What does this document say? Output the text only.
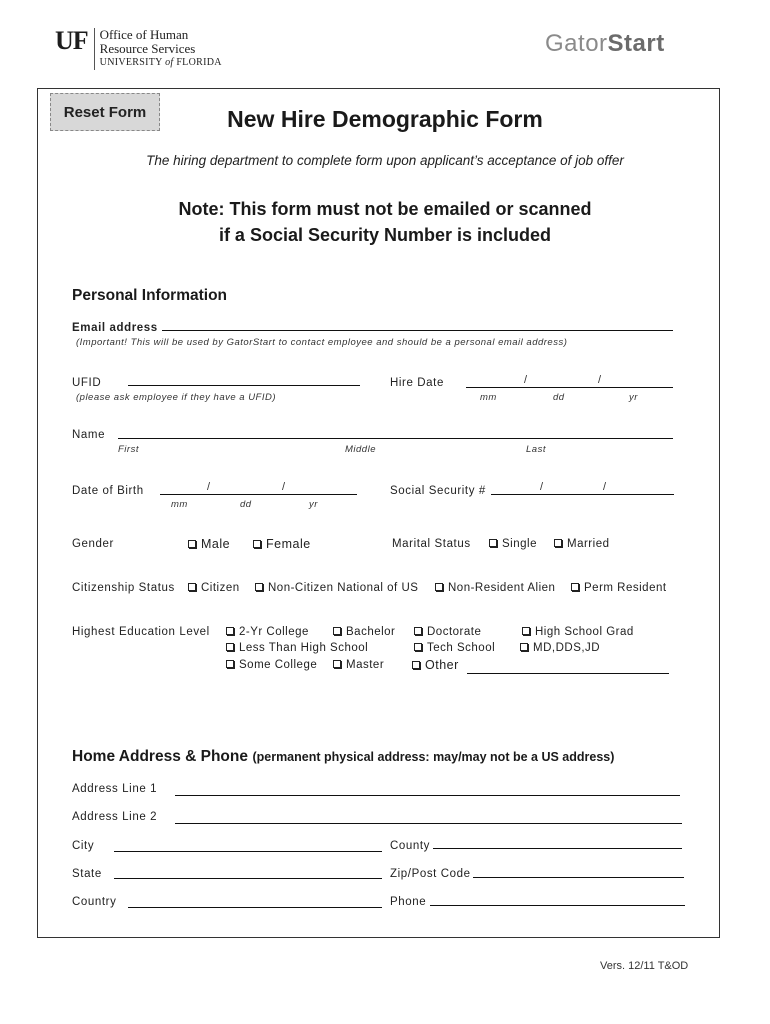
UF Office of Human
Resource Services
UNIVERSITY of FLORIDA
GatorStart
Reset Form	New Hire Demographic Form
The hiring department to complete form upon applicant’s acceptance of job offer
Note: This form must not be emailed or scanned
if a Social Security Number is included
Personal Information
Email address
(Important! This will be used by GatorStart to contact employee and should be a personal email address)
UFID
(please ask employee if they have a UFID)
Hire Date	/	/
mm	dd	yr
Name
First	Middle	Last
Date of Birth	/	/
mm	dd	yr
Social Security #	/	/
Gender	Male	Female	Marital Status	Single	Married
Citizenship Status	Citizen	Non-Citizen National of US	Non-Resident Alien	Perm Resident
Highest Education Level	2-Yr College	Bachelor	Doctorate	High School Grad
Less Than High School	Tech School	MD,DDS,JD
Some College	Master	Other
Home Address & Phone (permanent physical address: may/may not be a US address)
Address Line 1
Address Line 2
City	County
State	Zip/Post Code
Country	Phone
Vers. 12/11 T&OD
